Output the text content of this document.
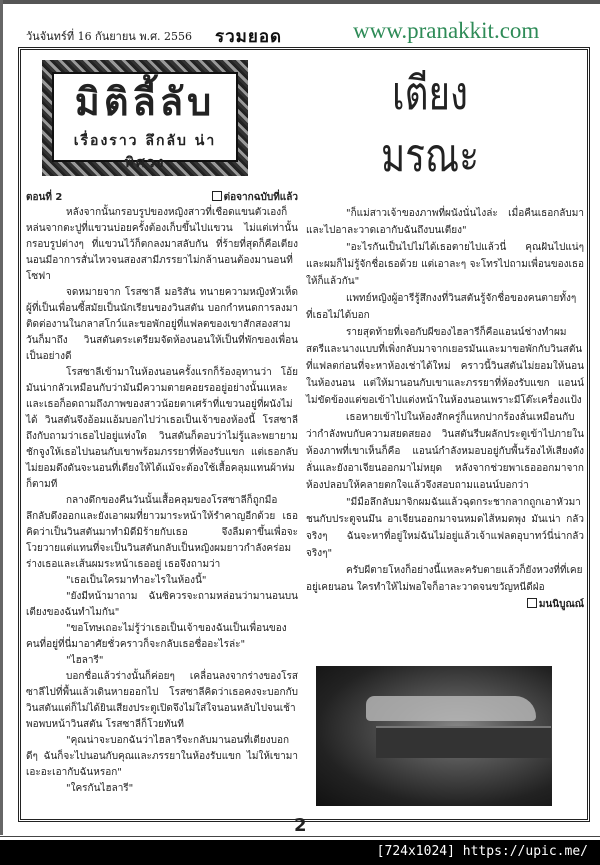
วันจันทร์ที่ 16 กันยายน พ.ศ. 2556 รวมยอด	www.pranakkit.com
มิติลี้ลับ
เรื่องราว ลึกลับ น่าพิศวง
เตียง
มรณะ
ตอนที่ 2	ต่อจากฉบับที่แล้ว

หลังจากนั้นกรอบรูปของหญิงสาวที่เชือดแขนตัวเองก็หล่นจากตะปูที่แขวนบ่อยครั้งต้องเก็บขึ้นไปแขวน ไม่แต่เท่านั้นกรอบรูปต่างๆ ที่แขวนไว้ก็ตกลงมาสลับกัน ที่ร้ายที่สุดก็คือเตียงนอนมีอาการสั่นไหวจนสองสามีภรรยาไม่กล้านอนต้องมานอนที่โซฟา

จดหมายจาก โรสซาลี มอริสัน ทนายความหญิงหัวเห็ดผู้ที่เป็นเพื่อนซี้สมัยเป็นนักเรียนของวินสตัน บอกกำหนดการลงมาติดต่องานในกลาสโกว์และขอพักอยู่ที่แฟลตของเขาสักสองสามวันก็มาถึง วินสตันตระเตรียมจัดห้องนอนให้เป็นที่พักของเพื่อนเป็นอย่างดี

โรสซาลีเข้ามาในห้องนอนครั้งแรกก็ร้องอุทานว่า โอ้ย มันน่ากลัวเหมือนกับว่ามันมีความตายคอยรออยู่อย่างนั้นแหละ และเธอก็อดถามถึงภาพของสาวน้อยตาเศร้าที่แขวนอยู่ที่ผนังไม่ได้ วินสตันจึงอ้อมแอ้มบอกไปว่าเธอเป็นเจ้าของห้องนี้ โรสซาลีถึงกับถามว่าเธอไปอยู่แห่งใด วินสตันก็ตอบว่าไม่รู้และพยายามชักจูงให้เธอไปนอนกับเขาพร้อมภรรยาที่ห้องรับแขก แต่เธอกลับไม่ยอมดึงดันจะนอนที่เตียงให้ได้แม้จะต้องใช้เสื้อคลุมแทนผ้าห่มก็ตามที

กลางดึกของคืนวันนั้นเสื้อคลุมของโรสซาลีก็ถูกมือลึกลับดึงออกและยังเอาผมที่ยาวมาระหน้าให้รำคาญอีกด้วย เธอคิดว่าเป็นวินสตันมาทำมิดีมิร้ายกับเธอ จึงลืมตาขึ้นเพื่อจะโวยวายแต่แทนที่จะเป็นวินสตันกลับเป็นหญิงผมยาวกำลังคร่อมร่างเธอและเส้นผมระหน้าเธออยู่ เธอจึงถามว่า

"เธอเป็นใครมาทำอะไรในห้องนี้"

"ยังมีหน้ามาถาม ฉันซิควรจะถามหล่อนว่ามานอนบนเตียงของฉันทำไมกัน"

"ขอโทษเถอะไม่รู้ว่าเธอเป็นเจ้าของฉันเป็นเพื่อนของคนที่อยู่ที่นี่มาอาศัยชั่วคราวก็จะกลับเธอชื่ออะไรล่ะ"

"ไฮลารี"

บอกชื่อแล้วร่างนั้นก็ค่อยๆ เคลื่อนลงจากร่างของโรสซาลีไปที่พื้นแล้วเดินหายออกไป โรสซาลีคิดว่าเธอคงจะบอกกับวินสตันแต่ก็ไม่ได้ยินเสียงประตูเปิดจึงไม่ใส่ใจนอนหลับไปจนเช้าพอพบหน้าวินสตัน โรสซาลีก็โวยทันที

"คุณน่าจะบอกฉันว่าไฮลารีจะกลับมานอนที่เตียงบอกดีๆ ฉันก็จะไปนอนกับคุณและภรรยาในห้องรับแขก ไม่ให้เขามาเอะอะเอากับฉันหรอก"

"ใครกันไฮลารี"

"ก็แม่สาวเจ้าของภาพที่ผนังนั่นไงล่ะ เมื่อคืนเธอกลับมาและไปอาละวาดเอากับฉันถึงบนเตียง"

"อะไรกันเป็นไปไม่ได้เธอตายไปแล้วนี่ คุณฝันไปแน่ๆ และผมก็ไม่รู้จักชื่อเธอด้วย แต่เอาละๆ จะโทรไปถามเพื่อนของเธอให้ก็แล้วกัน"

แพทย์หญิงผู้อารีรู้สึกงงที่วินสตันรู้จักชื่อของคนตายทั้งๆ ที่เธอไม่ได้บอก

รายสุดท้ายที่เจอกับผีของไฮลารีก็คือแอนน์ช่างทำผมสตรีและนางแบบที่เพิ่งกลับมาจากเยอรมันและมาขอพักกับวินสตันที่แฟลตก่อนที่จะหาห้องเช่าได้ใหม่ คราวนี้วินสตันไม่ยอมให้นอนในห้องนอน แต่ให้มานอนกับเขาและภรรยาที่ห้องรับแขก แอนน์ไม่ขัดข้องแต่ขอเข้าไปแต่งหน้าในห้องนอนเพราะมีโต๊ะเครื่องแป้ง

เธอหายเข้าไปในห้องสักครู่ก็แหกปากร้องลั่นเหมือนกับว่ากำลังพบกับความสยดสยอง วินสตันรีบผลักประตูเข้าไปภายในห้องภาพที่เขาเห็นก็คือ แอนน์กำลังหมอบอยู่กับพื้นร้องไห้เสียงดังลั่นและยังอาเจียนออกมาไม่หยุด หลังจากช่วยพาเธอออกมาจากห้องปลอบให้คลายตกใจแล้วจึงสอบถามแอนน์บอกว่า

"มีมือลึกลับมาจิกผมฉันแล้วฉุดกระชากลากถูกเอาหัวมาชนกับประตูจนมึน อาเจียนออกมาจนหมดไส้หมดพุง มันเน่า กลัวจริงๆ ฉันจะหาที่อยู่ใหม่ฉันไม่อยู่แล้วเจ้าแฟลตอุบาทว์นี่น่ากลัวจริงๆ"

ครับผีตายโหงก็อย่างนี้แหละครับตายแล้วก็ยังหวงที่ที่เคยอยู่เคยนอน ใครทำให้ไม่พอใจก็อาละวาดจนขวัญหนีดีฝ่อ

มนนิบูณณ์
2
[724x1024] https://upic.me/
